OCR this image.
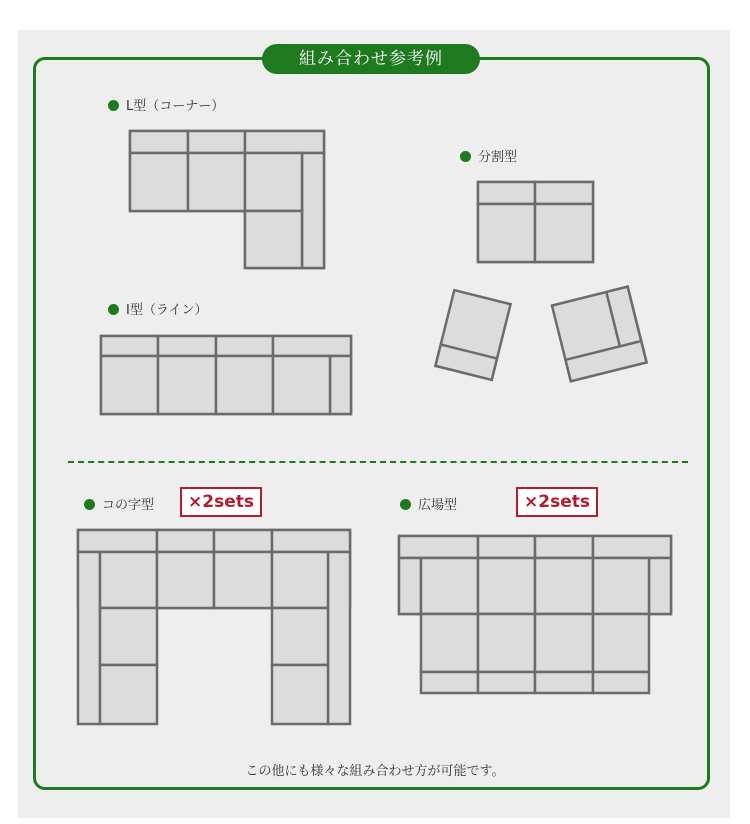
組み合わせ参考例
L型（コーナー）
分割型
I型（ライン）
コの字型	広場型
×2sets	×2sets
この他にも様々な組み合わせ方が可能です。
